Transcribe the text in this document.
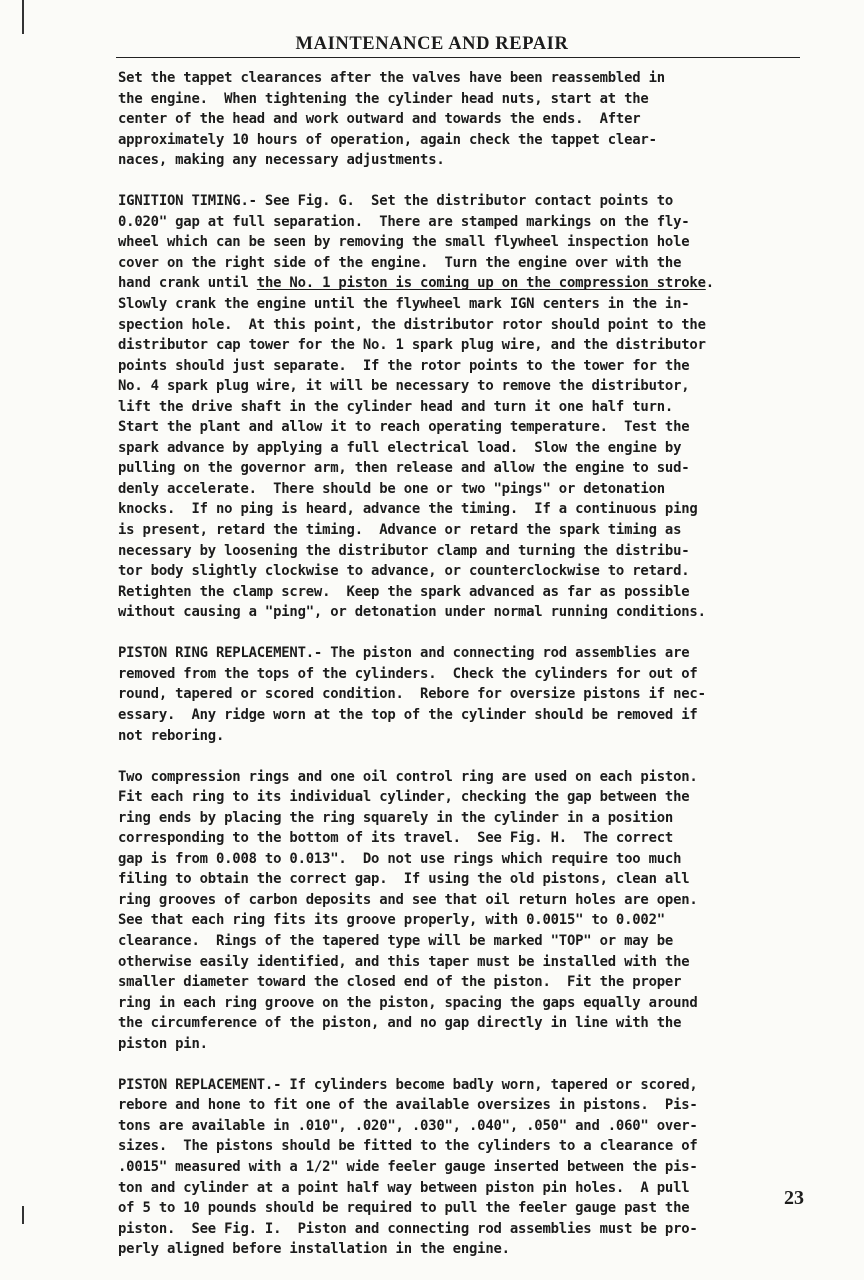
MAINTENANCE AND REPAIR
Set the tappet clearances after the valves have been reassembled in
the engine.  When tightening the cylinder head nuts, start at the
center of the head and work outward and towards the ends.  After
approximately 10 hours of operation, again check the tappet clear-
naces, making any necessary adjustments.
IGNITION TIMING.- See Fig. G.  Set the distributor contact points to
0.020" gap at full separation.  There are stamped markings on the fly-
wheel which can be seen by removing the small flywheel inspection hole
cover on the right side of the engine.  Turn the engine over with the
hand crank until the No. 1 piston is coming up on the compression stroke.
Slowly crank the engine until the flywheel mark IGN centers in the in-
spection hole.  At this point, the distributor rotor should point to the
distributor cap tower for the No. 1 spark plug wire, and the distributor
points should just separate.  If the rotor points to the tower for the
No. 4 spark plug wire, it will be necessary to remove the distributor,
lift the drive shaft in the cylinder head and turn it one half turn.
Start the plant and allow it to reach operating temperature.  Test the
spark advance by applying a full electrical load.  Slow the engine by
pulling on the governor arm, then release and allow the engine to sud-
denly accelerate.  There should be one or two "pings" or detonation
knocks.  If no ping is heard, advance the timing.  If a continuous ping
is present, retard the timing.  Advance or retard the spark timing as
necessary by loosening the distributor clamp and turning the distribu-
tor body slightly clockwise to advance, or counterclockwise to retard.
Retighten the clamp screw.  Keep the spark advanced as far as possible
without causing a "ping", or detonation under normal running conditions.
PISTON RING REPLACEMENT.- The piston and connecting rod assemblies are
removed from the tops of the cylinders.  Check the cylinders for out of
round, tapered or scored condition.  Rebore for oversize pistons if nec-
essary.  Any ridge worn at the top of the cylinder should be removed if
not reboring.
Two compression rings and one oil control ring are used on each piston.
Fit each ring to its individual cylinder, checking the gap between the
ring ends by placing the ring squarely in the cylinder in a position
corresponding to the bottom of its travel.  See Fig. H.  The correct
gap is from 0.008 to 0.013".  Do not use rings which require too much
filing to obtain the correct gap.  If using the old pistons, clean all
ring grooves of carbon deposits and see that oil return holes are open.
See that each ring fits its groove properly, with 0.0015" to 0.002"
clearance.  Rings of the tapered type will be marked "TOP" or may be
otherwise easily identified, and this taper must be installed with the
smaller diameter toward the closed end of the piston.  Fit the proper
ring in each ring groove on the piston, spacing the gaps equally around
the circumference of the piston, and no gap directly in line with the
piston pin.
PISTON REPLACEMENT.- If cylinders become badly worn, tapered or scored,
rebore and hone to fit one of the available oversizes in pistons.  Pis-
tons are available in .010", .020", .030", .040", .050" and .060" over-
sizes.  The pistons should be fitted to the cylinders to a clearance of
.0015" measured with a 1/2" wide feeler gauge inserted between the pis-
ton and cylinder at a point half way between piston pin holes.  A pull
of 5 to 10 pounds should be required to pull the feeler gauge past the
piston.  See Fig. I.  Piston and connecting rod assemblies must be pro-
perly aligned before installation in the engine.
23
